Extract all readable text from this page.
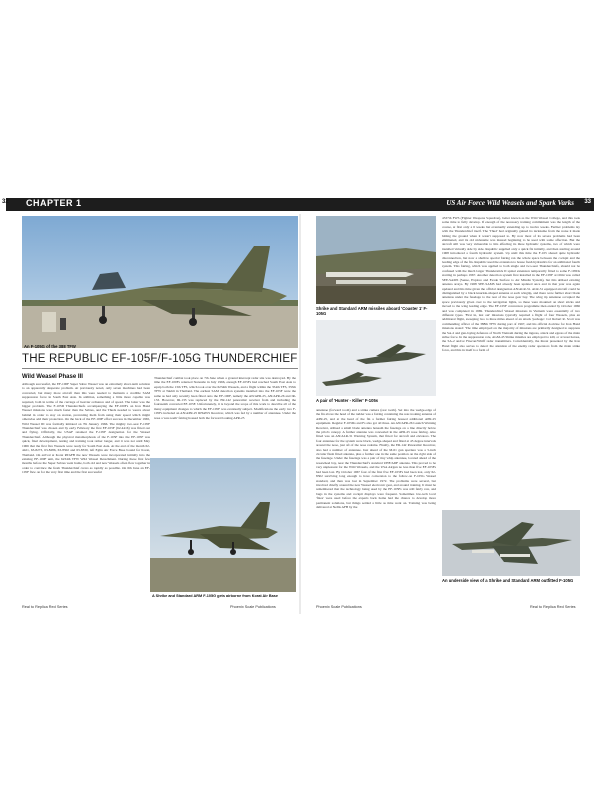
32 CHAPTER 1	US Air Force Wild Weasels and Spark Varks 33
An F-105G of the 388 TFW
THE REPUBLIC EF-105F/F-105G THUNDERCHIEF
Wild Weasel Phase III

Although successful, the EF-100F Super Sabre Weasel was an extremely short-term solution to an apparently desperate problem. At previously noted, only seven machines had been converted, but many more aircraft than this were needed to maintain a credible SAM suppression force in South East Asia. In addition, something a little more capable was required, both in terms of the carriage of heavier ordnance and of speed. The latter was the bigger problem. The F-105D Thunderchiefs accompanying the EF-100Fs on Iron Hand Weasel missions were much faster than the Sabres, and the Thuds needed to weave about behind in order to stay on station, preventing them from using their speed which might otherwise add their protection. On the back of the EF-100F effort success in December 1965, Wild Weasel III was formally initiated on 7th January 1966. The mighty two-seat F-105F Thunderchief was chosen and by early February the first EF-105F (62-4416) was fitted out and flying. Officially, the USAF retained the F-105F designation for the Weasel Thunderchief. Although the physical metamorphosis of the F-105F into the EF-105F was quick, final development, testing and training took rather longer, and it was not until May 1966 that the first five Weasels were ready for South East Asia. At the end of the month 62-4421, 63-8273, 63-8286, 63-8302 and 63-8330, left Eglin Air Force Base bound for Korat, Thailand. On arrival at Korat RTAFB the new Weasels were incorporated initially into the existing EF-100F unit, the 6234th TFW Wild Weasel Detachment. During these first few months before the Super Sabres went home, both old and new Weasels often flew together in order to convince the fresh Thunderchief crews as rapidly as possible. On 6th June an EF-105F flew on for the very first time and the first successful

Thunderchief combat took place on 7th June when a ground intercept radar site was destroyed. By the time the EF-100Fs returned Stateside in July 1966, enough EF-105Fs had reached South East Asia to equip both the 13th TFS, which took over the 6234th Weasels, and a flight within the 354th TFS, 355th TFW at Takhli in Thailand. The earliest SAM detection systems installed into the EF-105F were the same as had only recently been fitted onto the EF-100F, namely the AN/APR-25, AN/APR-26 and IR-133. However, IR-133 was replaced by the ER-142 panoramic receiver from and including the fourteenth converted EF-105F. Unfortunately, it is beyond the scope of this work to describe all of the many equipment changes to which the EF-105F was eventually subject. Modifications the early two F-105Fs included an AN/APR-25 RHAWS Receiver, which was fed by a number of antennae. Under the nose a 'saw-teeth' fairing housed both the forward looking APR-25

A Shrike and Standard ARM F-105G gets airborne from Korat Air Base
Shrike and Standard ARM missiles aboard 'Coaster 1' F-105G
A pair of 'Hunter - Killer' F-105s

antennae (forward tooth) and a strike camera (rear tooth). Set into the wedge-edge of the fin above the head of the rudder was a fairing containing the rear-looking antenna of APR-25, and at the head of the fin a further fairing housed additional APR-25 equipment. Regular F-105Ds and Fs also got all three. An AN/APR-26 Launch Warning Receiver, utilised a small blade antenna beneath the fuselage on a line directly below the pilot's canopy. A further antenna was concealed in the APR-25 nose fairing. Also fitted was an AN/ALR-31 Warning System, that fitted for aircraft and elevators. The four antennae for the system were black, wedge-shaped and fitted at 45 degree intervals around the nose, just aft of the nose radome. Finally, the ER-142 Panoramic Receiver, also had a number of antennae. Just ahead of the M-61 gun aperture was a 5-inch circular flush fitted antenna, plus a further one in the same position on the right side of the fuselage. Under the fuselage was a pair of tiny whip antennae, located ahead of the nosewheel bay, near the Thunderchief's standard UHF/ADF antenna. This proved to be very unpleasant for the Wild Weasels, and the USA Airgun no less than five EF-105Fs had been lost. By October 1967 four of the first five EF-105Fs had been lost, only 62-8302 surviving long enough to have conversion to the follow-on F-105G Weasel standard, and then was lost in September 1972. The problems were several, but involved chiefly around the new Weasel electronic gear, and around training. It must be remembered that the technology being used by the EF-105Fs was still fairly raw, and bugs in the systems and cockpit displays were frequent. Sometimes low-tech local 'fixes' were used before the experts back home had the chance to develop more permanent solutions, but things settled a little as time went on. Training was being delivered at Nellis AFB by the

4537th FWS (Fighter Weapons Squadron), better known as the Wild Weasel College, and this took some time to fully develop. If enough of the necessary training commitment was the length of the course, at first only a 6 weeks but eventually extending up to twelve weeks. Further problems lay with the Thunderchief itself. The 'Thud' had originally gained its nickname from the noise it made hitting the ground when it wasn't supposed to. By now most of its severe problems had been eliminated, and its old nickname was instead beginning to be used with some affection. But the aircraft still was very vulnerable to hits affecting its three hydraulic systems, two of which were installed virtually side by side. Republic supplied only a quick fix initially, and then starting around 1968 introduced a fourth hydraulic system. Up until this time the F-105 shared quite hydraulic disconnection, but now a shallow special fairing ran the whole space between the cockpit and the leading edge of the fin. Republic used the extension to house fresh hydraulics for an additional fourth system. This fairing, which was applied to both single and two-seat Thunderchiefs, should not be confused with the much larger Thunderstick II spinal extension temporarily fitted to some F-105Ds starting in perhaps 1967. Another detection system first installed in the EF-105F at Olmi was called SEE-SAMS (Sense, Explore and Evade Surface to Air Missile System), but this utilised existing antenna arrays. By 1968 SEE-SAMS had already been updated once and in that year was again updated and this time given the official designation AN/ALR-31. ALR-31 equipped aircraft could be distinguished by a black knuckle-shaped antenna at each wingtip, and there were further short blade antennas under the fuselage to the rear of the nose gear bay. The wing tip antennae occupied the space previously given over to the navigation lights, so these were mounted on short sticks and moved to the wing leading edge. The EF-105F conversion programme then ended by October 1966 and was completed in 1969. Thunderchief Weasel missions in Vietnam were essentially of two different types. 'First in, last out' missions typically required a flight of four Weasels, plus an additional flight, sweeping two to three miles ahead of an attack 'package'. Col Robert R. Scott was commanding officer of the 388th TFW during part of 1967, and his official doctrine for Iron Hand missions stated: 'The time employed on the majority of missions are primarily designed to suppress the SA-2 and gun-laying defences of North Vietnam during the ingress, attack and egress of the main strike force. In the suppression role, AGM-45 Shrike missiles are employed to kill, or at least harass, the SA-2 and/or Firecan/Whiff radar transmitters. Coincidentally, the threat presented by the Iron Hand flight also serves to detect the attention of the enemy radar operators from the main strike force, and this in itself is a form of

An underside view of a Shrike and Standard ARM outfitted F-105G
Real to Replica Red Series	Phoenix Scale Publications	Phoenix Scale Publications	Real to Replica Red Series
